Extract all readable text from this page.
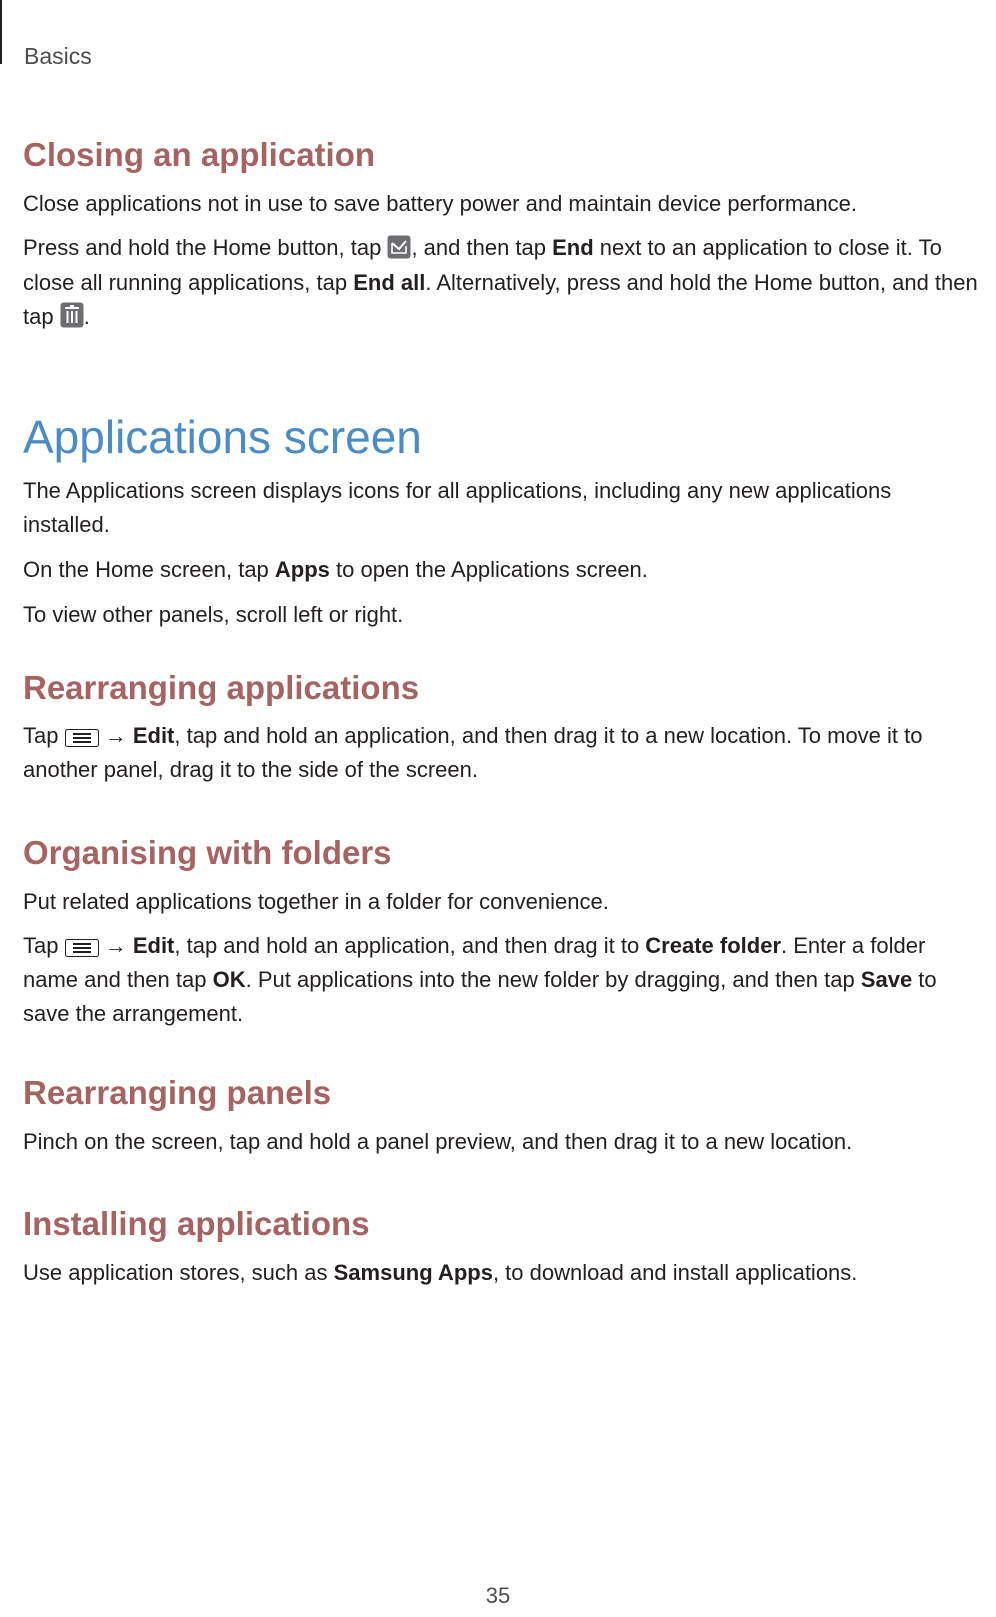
Basics
Closing an application

Close applications not in use to save battery power and maintain device performance.

Press and hold the Home button, tap , and then tap End next to an application to close it. To close all running applications, tap End all. Alternatively, press and hold the Home button, and then tap .

Applications screen

The Applications screen displays icons for all applications, including any new applications installed.

On the Home screen, tap Apps to open the Applications screen.

To view other panels, scroll left or right.

Rearranging applications

Tap  → Edit, tap and hold an application, and then drag it to a new location. To move it to another panel, drag it to the side of the screen.

Organising with folders

Put related applications together in a folder for convenience.

Tap  → Edit, tap and hold an application, and then drag it to Create folder. Enter a folder name and then tap OK. Put applications into the new folder by dragging, and then tap Save to save the arrangement.

Rearranging panels

Pinch on the screen, tap and hold a panel preview, and then drag it to a new location.

Installing applications

Use application stores, such as Samsung Apps, to download and install applications.

35
